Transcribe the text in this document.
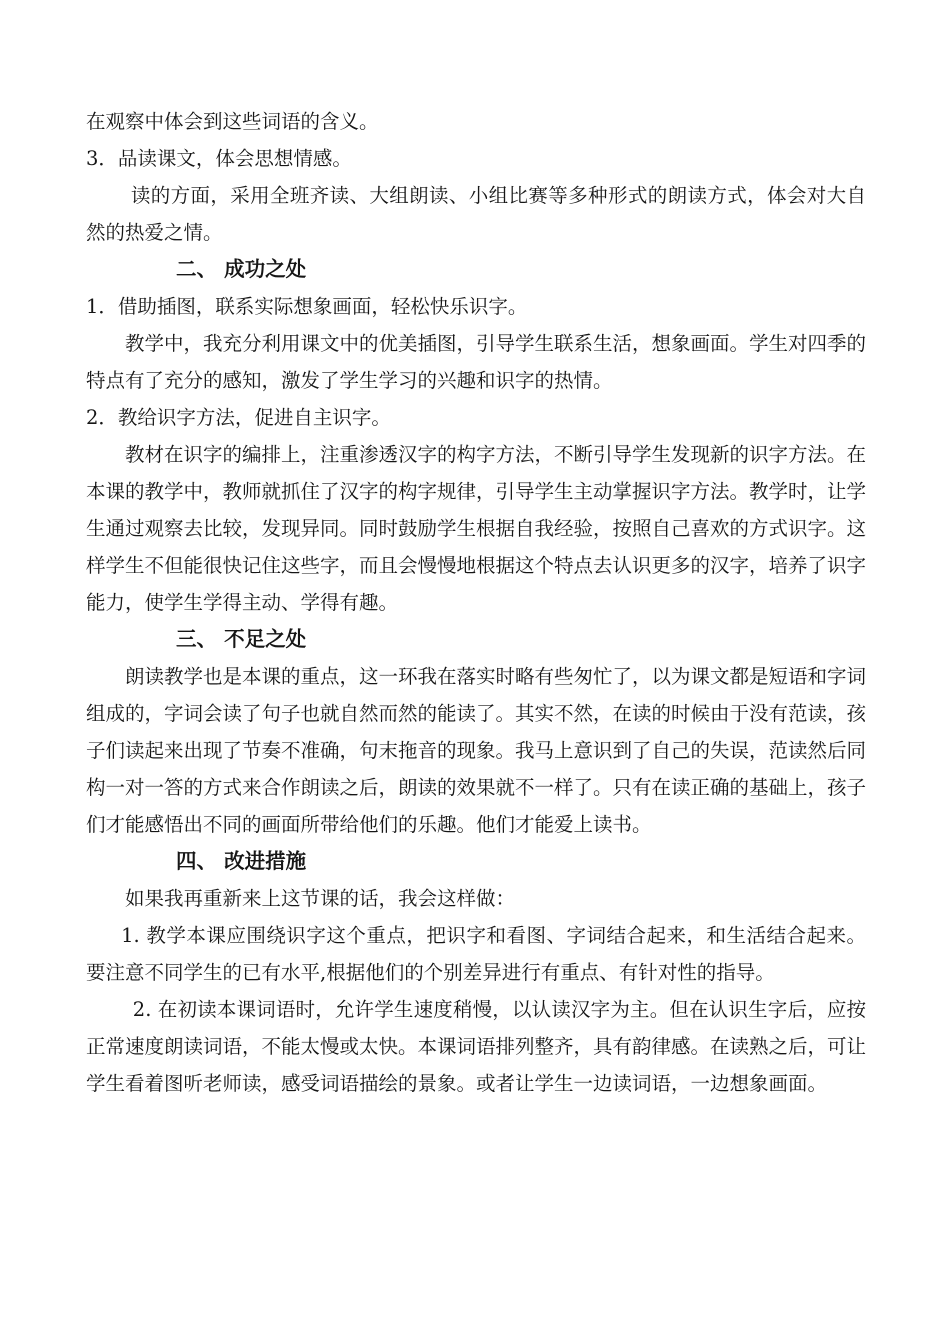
在观察中体会到这些词语的含义。

3．品读课文，体会思想情感。

读的方面，采用全班齐读、大组朗读、小组比赛等多种形式的朗读方式，体会对大自然的热爱之情。

二、 成功之处

1．借助插图，联系实际想象画面，轻松快乐识字。

教学中，我充分利用课文中的优美插图，引导学生联系生活，想象画面。学生对四季的特点有了充分的感知，激发了学生学习的兴趣和识字的热情。

2．教给识字方法，促进自主识字。

教材在识字的编排上，注重渗透汉字的构字方法，不断引导学生发现新的识字方法。在本课的教学中，教师就抓住了汉字的构字规律，引导学生主动掌握识字方法。教学时，让学生通过观察去比较，发现异同。同时鼓励学生根据自我经验，按照自己喜欢的方式识字。这样学生不但能很快记住这些字，而且会慢慢地根据这个特点去认识更多的汉字，培养了识字能力，使学生学得主动、学得有趣。

三、 不足之处

朗读教学也是本课的重点，这一环我在落实时略有些匆忙了，以为课文都是短语和字词组成的，字词会读了句子也就自然而然的能读了。其实不然，在读的时候由于没有范读，孩子们读起来出现了节奏不准确，句末拖音的现象。我马上意识到了自己的失误，范读然后同构一对一答的方式来合作朗读之后，朗读的效果就不一样了。只有在读正确的基础上，孩子们才能感悟出不同的画面所带给他们的乐趣。他们才能爱上读书。

四、 改进措施

如果我再重新来上这节课的话，我会这样做：

1. 教学本课应围绕识字这个重点，把识字和看图、字词结合起来，和生活结合起来。要注意不同学生的已有水平,根据他们的个别差异进行有重点、有针对性的指导。

2. 在初读本课词语时，允许学生速度稍慢，以认读汉字为主。但在认识生字后，应按正常速度朗读词语，不能太慢或太快。本课词语排列整齐，具有韵律感。在读熟之后，可让学生看着图听老师读，感受词语描绘的景象。或者让学生一边读词语，一边想象画面。
